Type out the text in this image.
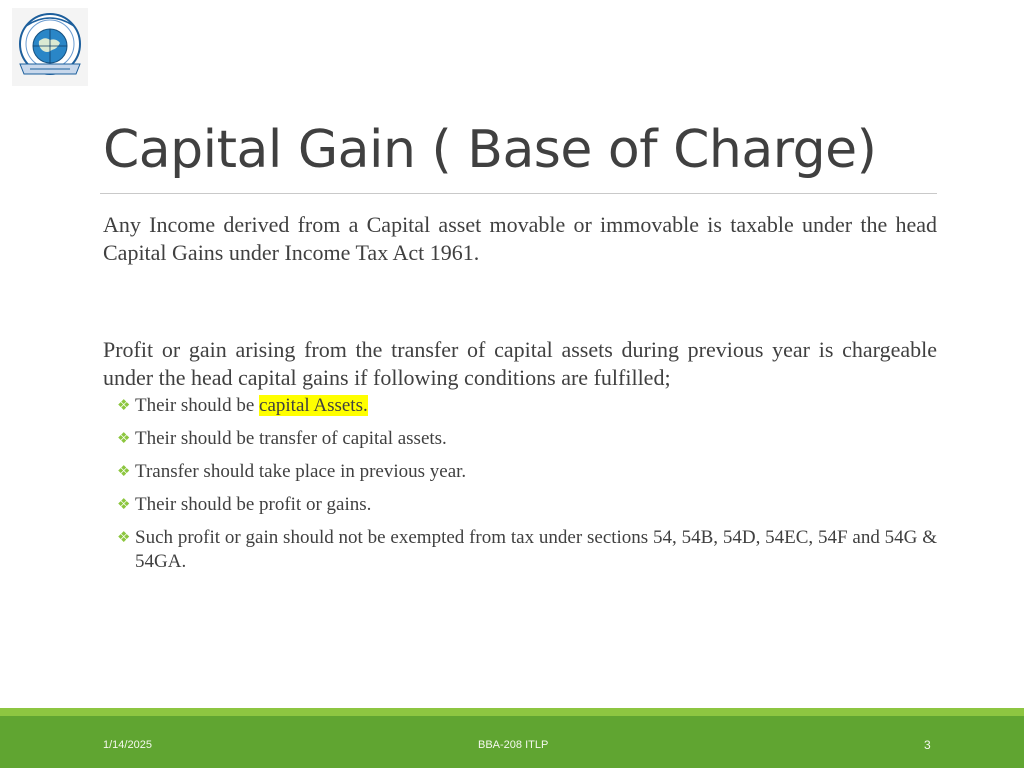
Capital Gain ( Base of Charge)

Any Income derived from a Capital asset movable or immovable is taxable under the head Capital Gains under Income Tax Act 1961.

Profit or gain arising from the transfer of capital assets during previous year is chargeable under the head capital gains if following conditions are fulfilled;

❖ Their should be capital Assets.
❖ Their should be transfer of capital assets.
❖ Transfer should take place in previous year.
❖ Their should be profit or gains.
❖ Such profit or gain should not be exempted from tax under sections 54, 54B, 54D, 54EC, 54F and 54G & 54GA.
1/14/2025	BBA-208 ITLP	3
